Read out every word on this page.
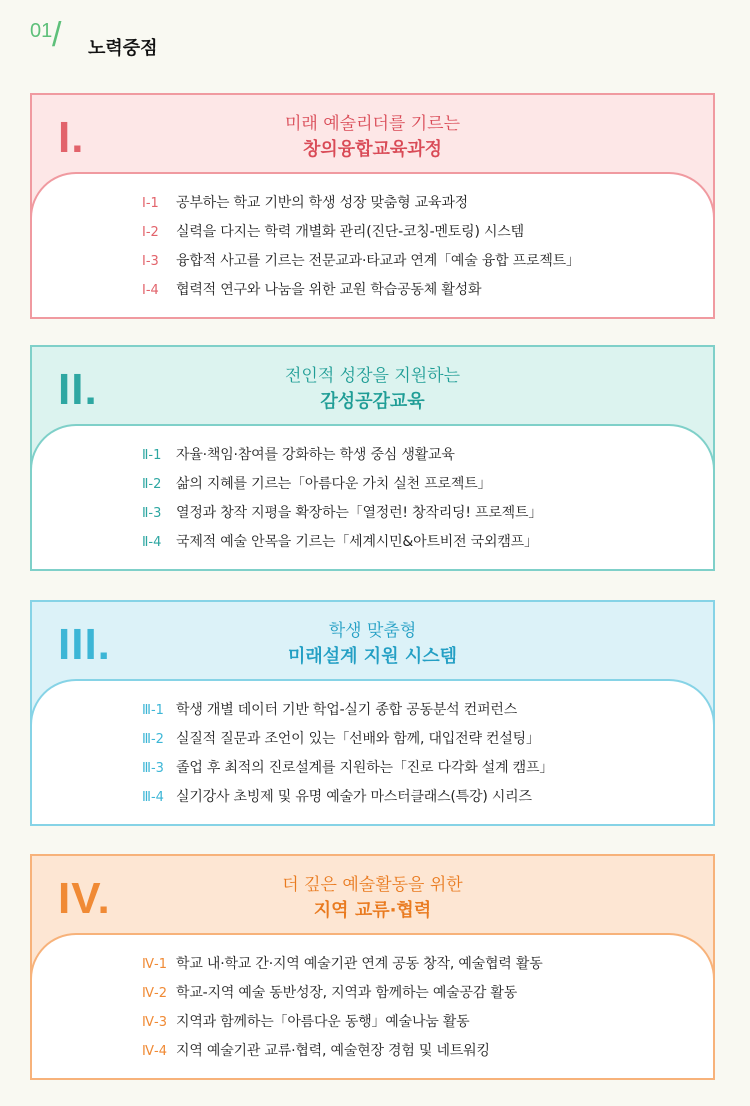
01 / 노력중점
I.	미래 예술리더를 기르는
창의융합교육과정
Ⅰ-1 공부하는 학교 기반의 학생 성장 맞춤형 교육과정
Ⅰ-2 실력을 다지는 학력 개별화 관리(진단-코칭-멘토링) 시스템
Ⅰ-3 융합적 사고를 기르는 전문교과·타교과 연계「예술 융합 프로젝트」
Ⅰ-4 협력적 연구와 나눔을 위한 교원 학습공동체 활성화
II.	전인적 성장을 지원하는
감성공감교육
Ⅱ-1 자율·책임·참여를 강화하는 학생 중심 생활교육
Ⅱ-2 삶의 지혜를 기르는「아름다운 가치 실천 프로젝트」
Ⅱ-3 열정과 창작 지평을 확장하는「열정런! 창작리딩! 프로젝트」
Ⅱ-4 국제적 예술 안목을 기르는「세계시민&아트비전 국외캠프」
III.	학생 맞춤형
미래설계 지원 시스템
Ⅲ-1 학생 개별 데이터 기반 학업-실기 종합 공동분석 컨퍼런스
Ⅲ-2 실질적 질문과 조언이 있는「선배와 함께, 대입전략 컨설팅」
Ⅲ-3 졸업 후 최적의 진로설계를 지원하는「진로 다각화 설계 캠프」
Ⅲ-4 실기강사 초빙제 및 유명 예술가 마스터클래스(특강) 시리즈
IV.	더 깊은 예술활동을 위한
지역 교류·협력
Ⅳ-1 학교 내·학교 간·지역 예술기관 연계 공동 창작, 예술협력 활동
Ⅳ-2 학교-지역 예술 동반성장, 지역과 함께하는 예술공감 활동
Ⅳ-3 지역과 함께하는「아름다운 동행」예술나눔 활동
Ⅳ-4 지역 예술기관 교류·협력, 예술현장 경험 및 네트워킹
